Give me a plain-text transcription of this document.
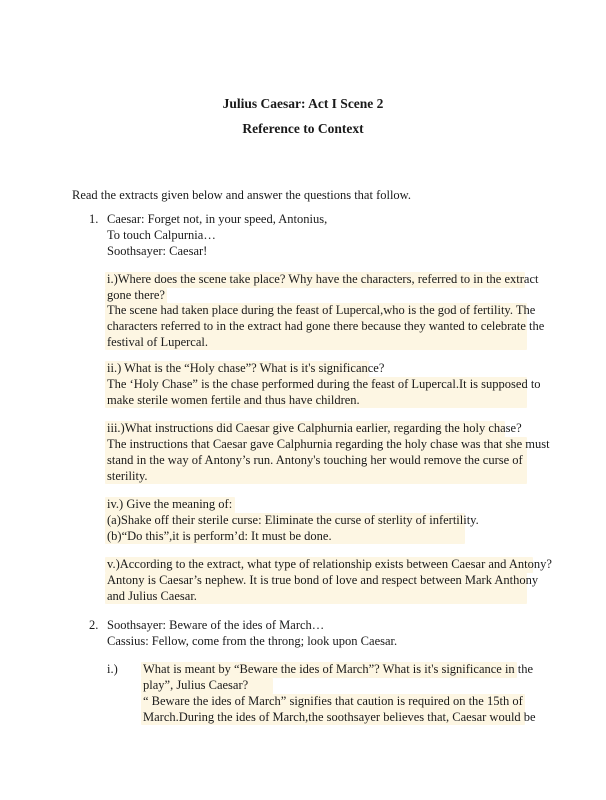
Julius Caesar: Act I Scene 2
Reference to Context
Read the extracts given below and answer the questions that follow.
1. Caesar: Forget not, in your speed, Antonius,
To touch Calpurnia…
Soothsayer: Caesar!
i.)Where does the scene take place? Why have the characters, referred to in the extract
gone there?
The scene had taken place during the feast of Lupercal,who is the god of fertility. The
characters referred to in the extract had gone there because they wanted to celebrate the
festival of Lupercal.
ii.) What is the “Holy chase”? What is it's significance?
The ‘Holy Chase” is the chase performed during the feast of Lupercal.It is supposed to
make sterile women fertile and thus have children.
iii.)What instructions did Caesar give Calphurnia earlier, regarding the holy chase?
The instructions that Caesar gave Calphurnia regarding the holy chase was that she must
stand in the way of Antony’s run. Antony's touching her would remove the curse of
sterility.
iv.) Give the meaning of:
(a)Shake off their sterile curse: Eliminate the curse of sterlity of infertility.
(b)“Do this”,it is perform’d: It must be done.
v.)According to the extract, what type of relationship exists between Caesar and Antony?
Antony is Caesar’s nephew. It is true bond of love and respect between Mark Anthony
and Julius Caesar.
2. Soothsayer: Beware of the ides of March…
Cassius: Fellow, come from the throng; look upon Caesar.
i.) What is meant by “Beware the ides of March”? What is it's significance in the
play”, Julius Caesar?
“ Beware the ides of March” signifies that caution is required on the 15th of
March.During the ides of March,the soothsayer believes that, Caesar would be
